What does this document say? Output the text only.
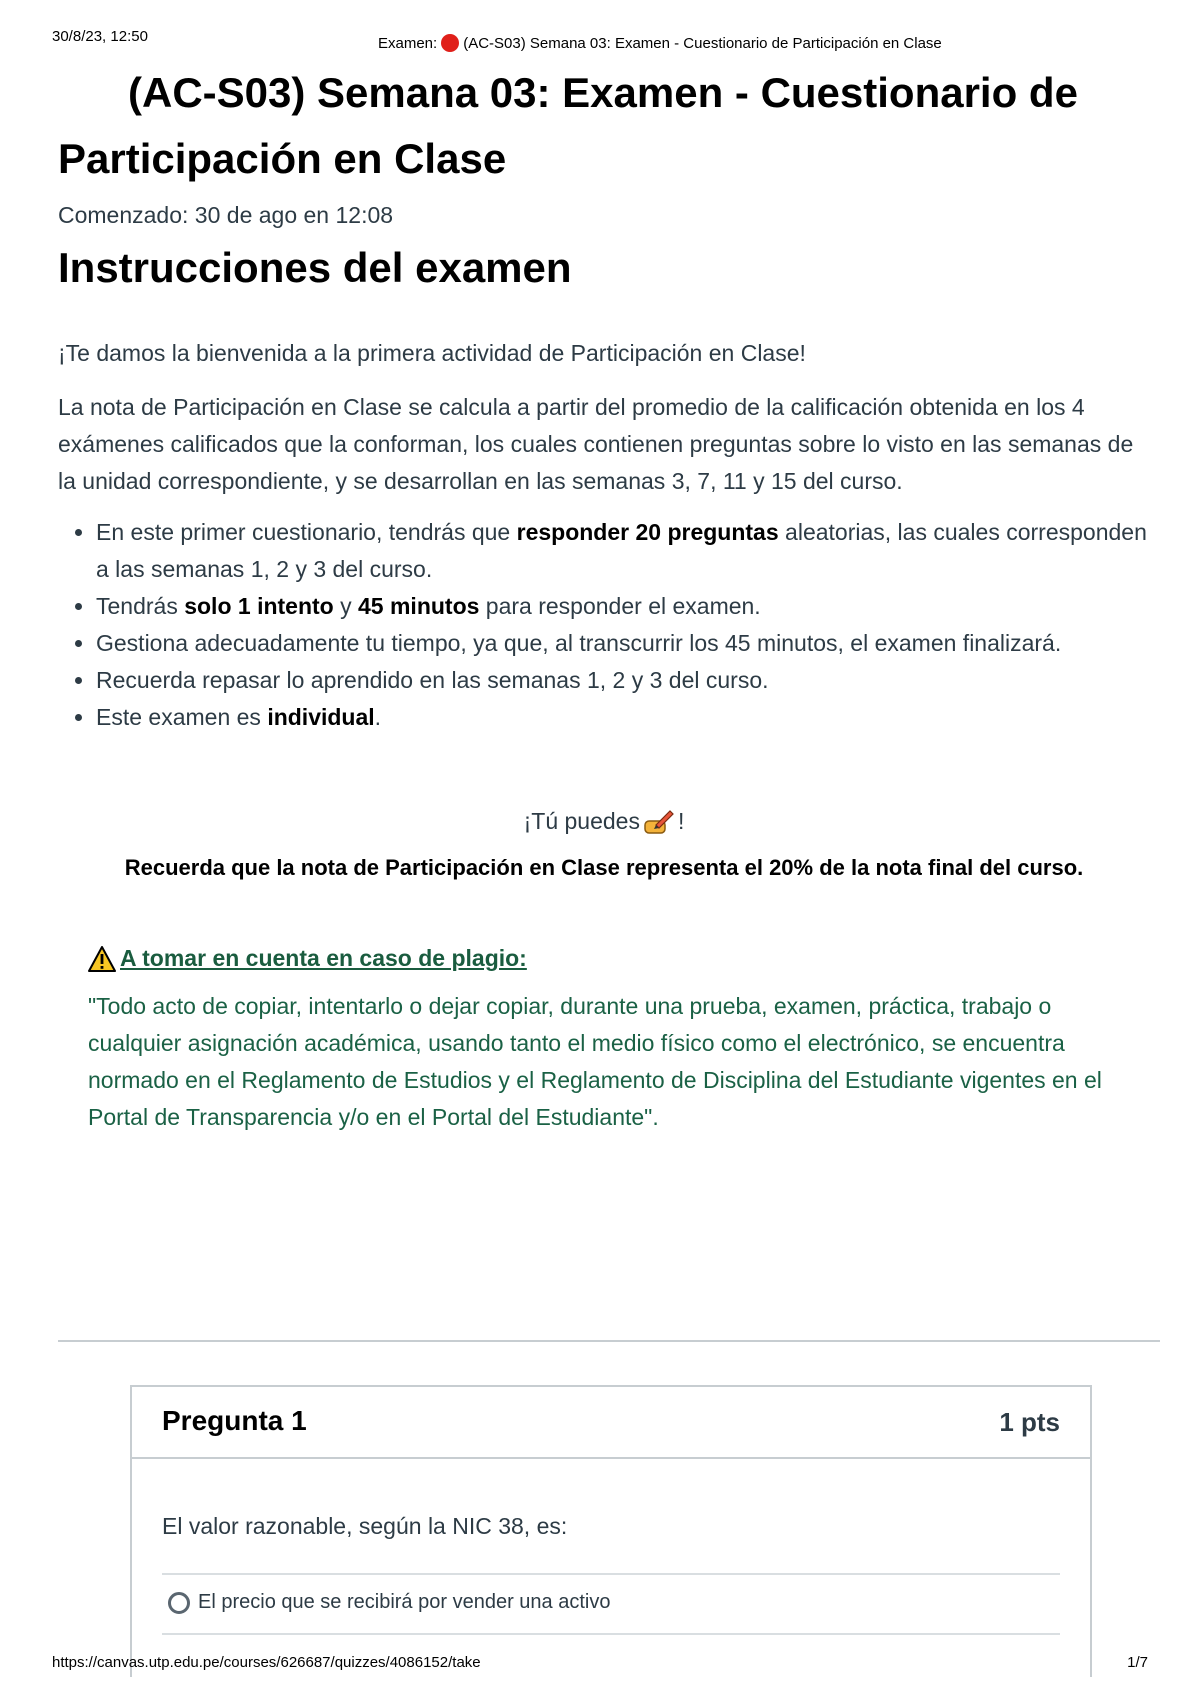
30/8/23, 12:50	Examen: (AC-S03) Semana 03: Examen - Cuestionario de Participación en Clase
(AC-S03) Semana 03: Examen - Cuestionario de Participación en Clase
Comenzado: 30 de ago en 12:08
Instrucciones del examen

¡Te damos la bienvenida a la primera actividad de Participación en Clase!

La nota de Participación en Clase se calcula a partir del promedio de la calificación obtenida en los 4 exámenes calificados que la conforman, los cuales contienen preguntas sobre lo visto en las semanas de la unidad correspondiente, y se desarrollan en las semanas 3, 7, 11 y 15 del curso.

• En este primer cuestionario, tendrás que responder 20 preguntas aleatorias, las cuales corresponden a las semanas 1, 2 y 3 del curso.
• Tendrás solo 1 intento y 45 minutos para responder el examen.
• Gestiona adecuadamente tu tiempo, ya que, al transcurrir los 45 minutos, el examen finalizará.
• Recuerda repasar lo aprendido en las semanas 1, 2 y 3 del curso.
• Este examen es individual.
¡Tú puedes !
Recuerda que la nota de Participación en Clase representa el 20% de la nota final del curso.
A tomar en cuenta en caso de plagio:
"Todo acto de copiar, intentarlo o dejar copiar, durante una prueba, examen, práctica, trabajo o cualquier asignación académica, usando tanto el medio físico como el electrónico, se encuentra normado en el Reglamento de Estudios y el Reglamento de Disciplina del Estudiante vigentes en el Portal de Transparencia y/o en el Portal del Estudiante".
Pregunta 1	1 pts
El valor razonable, según la NIC 38, es:
El precio que se recibirá por vender una activo
https://canvas.utp.edu.pe/courses/626687/quizzes/4086152/take	1/7
